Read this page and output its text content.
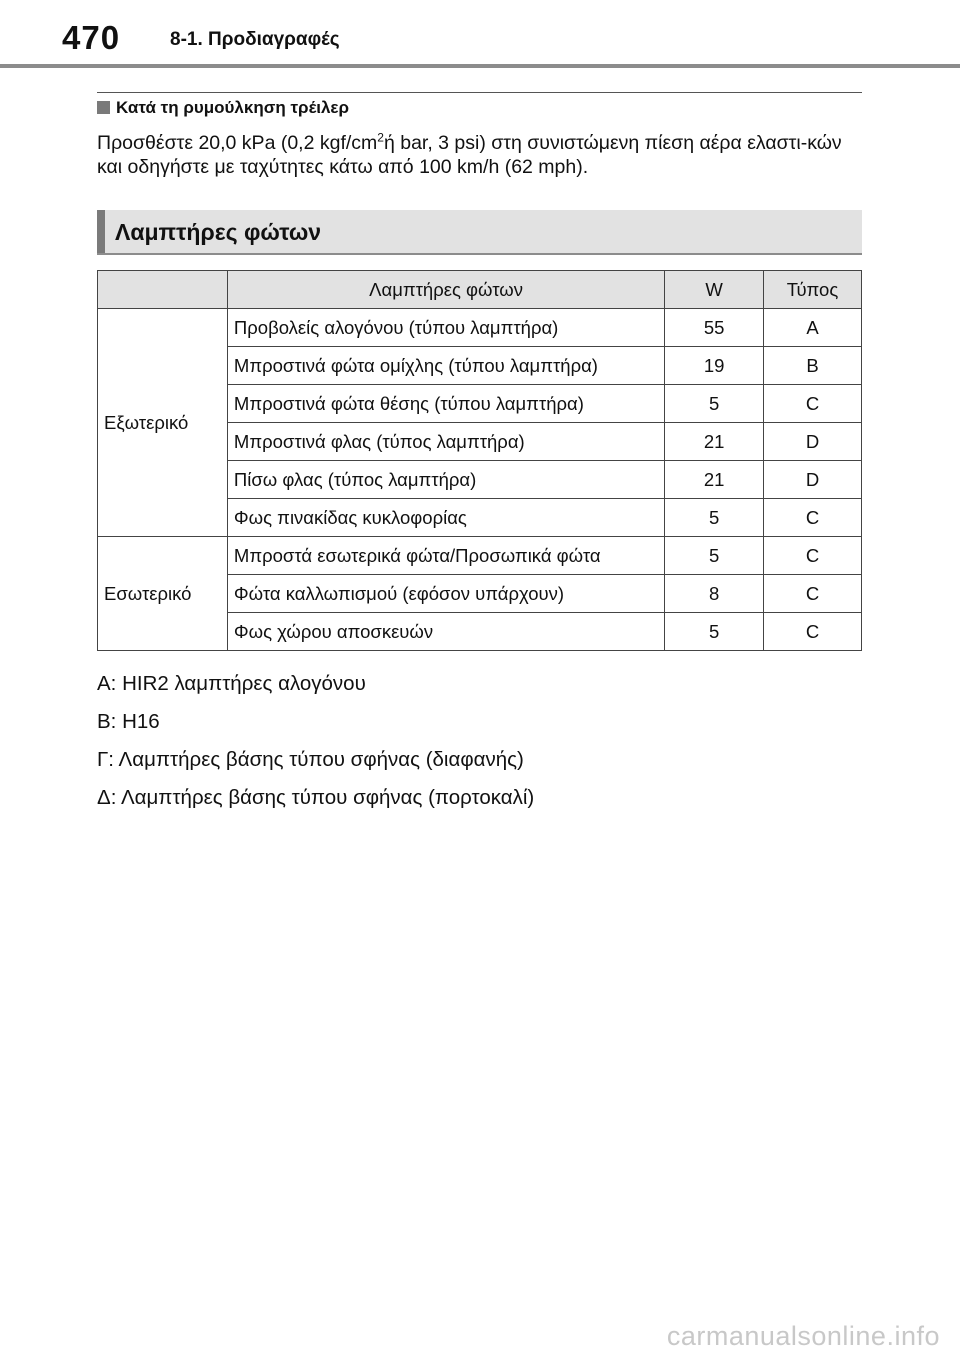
470	8-1. Προδιαγραφές
Κατά τη ρυμούλκηση τρέιλερ
Προσθέστε 20,0 kPa (0,2 kgf/$cm^2ή$ bar, 3 psi) στη συνιστώμενη πίεση αέρα ελαστι-κών και οδηγήστε με ταχύτητες κάτω από 100 km/h (62 mph).
Λαμπτήρες φώτων
	Λαμπτήρες φώτων	W	Τύπος
Εξωτερικό	Προβολείς αλογόνου (τύπου λαμπτήρα)	55	A
	Μπροστινά φώτα ομίχλης (τύπου λαμπτήρα)	19	B
	Μπροστινά φώτα θέσης (τύπου λαμπτήρα)	5	C
	Μπροστινά φλας (τύπος λαμπτήρα)	21	D
	Πίσω φλας (τύπος λαμπτήρα)	21	D
	Φως πινακίδας κυκλοφορίας	5	C
Εσωτερικό	Μπροστά εσωτερικά φώτα/Προσωπικά φώτα	5	C
	Φώτα καλλωπισμού (εφόσον υπάρχουν)	8	C
	Φως χώρου αποσκευών	5	C
A: HIR2 λαμπτήρες αλογόνου
B: H16
Γ: Λαμπτήρες βάσης τύπου σφήνας (διαφανής)
Δ: Λαμπτήρες βάσης τύπου σφήνας (πορτοκαλί)
carmanualsonline.info
